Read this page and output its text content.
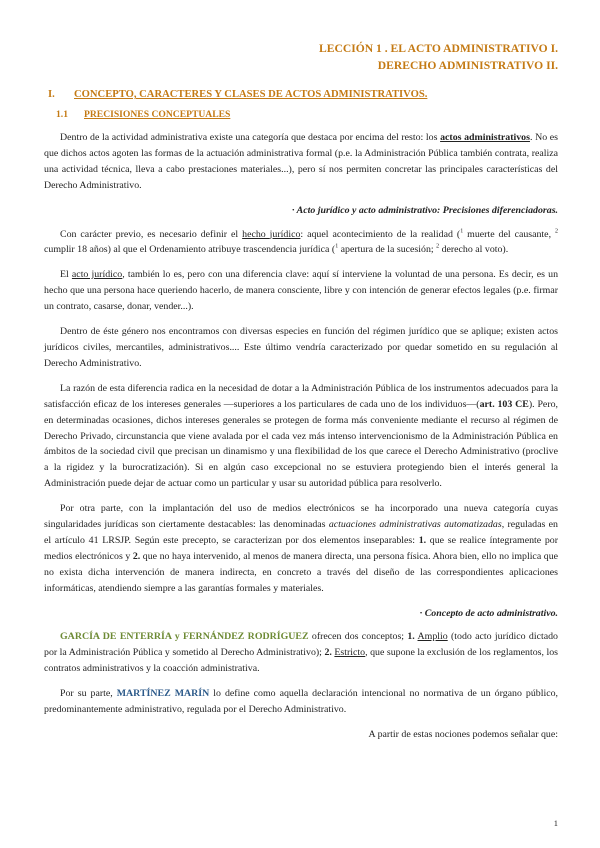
LECCIÓN 1 . EL ACTO ADMINISTRATIVO I.
DERECHO ADMINISTRATIVO II.
I. CONCEPTO, CARACTERES Y CLASES DE ACTOS ADMINISTRATIVOS.
1.1 PRECISIONES CONCEPTUALES

Dentro de la actividad administrativa existe una categoría que destaca por encima del resto: los actos administrativos. No es que dichos actos agoten las formas de la actuación administrativa formal (p.e. la Administración Pública también contrata, realiza una actividad técnica, lleva a cabo prestaciones materiales...), pero sí nos permiten concretar las principales características del Derecho Administrativo.

· Acto jurídico y acto administrativo: Precisiones diferenciadoras.

Con carácter previo, es necesario definir el hecho jurídico: aquel acontecimiento de la realidad ($^1$ muerte del causante, $^2$ cumplir 18 años) al que el Ordenamiento atribuye trascendencia jurídica ($^1$ apertura de la sucesión; $^2$ derecho al voto).

El acto jurídico, también lo es, pero con una diferencia clave: aquí sí interviene la voluntad de una persona. Es decir, es un hecho que una persona hace queriendo hacerlo, de manera consciente, libre y con intención de generar efectos legales (p.e. firmar un contrato, casarse, donar, vender...).

Dentro de éste género nos encontramos con diversas especies en función del régimen jurídico que se aplique; existen actos jurídicos civiles, mercantiles, administrativos.... Este último vendría caracterizado por quedar sometido en su regulación al Derecho Administrativo.

La razón de esta diferencia radica en la necesidad de dotar a la Administración Pública de los instrumentos adecuados para la satisfacción eficaz de los intereses generales —superiores a los particulares de cada uno de los individuos—(art. 103 CE). Pero, en determinadas ocasiones, dichos intereses generales se protegen de forma más conveniente mediante el recurso al régimen de Derecho Privado, circunstancia que viene avalada por el cada vez más intenso intervencionismo de la Administración Pública en ámbitos de la sociedad civil que precisan un dinamismo y una flexibilidad de los que carece el Derecho Administrativo (proclive a la rigidez y la burocratización). Si en algún caso excepcional no se estuviera protegiendo bien el interés general la Administración puede dejar de actuar como un particular y usar su autoridad pública para resolverlo.

Por otra parte, con la implantación del uso de medios electrónicos se ha incorporado una nueva categoría cuyas singularidades jurídicas son ciertamente destacables: las denominadas actuaciones administrativas automatizadas, reguladas en el artículo 41 LRSJP. Según este precepto, se caracterizan por dos elementos inseparables: 1. que se realice íntegramente por medios electrónicos y 2. que no haya intervenido, al menos de manera directa, una persona física. Ahora bien, ello no implica que no exista dicha intervención de manera indirecta, en concreto a través del diseño de las correspondientes aplicaciones informáticas, atendiendo siempre a las garantías formales y materiales.

· Concepto de acto administrativo.

GARCÍA DE ENTERRÍA y FERNÁNDEZ RODRÍGUEZ ofrecen dos conceptos; 1. Amplio (todo acto jurídico dictado por la Administración Pública y sometido al Derecho Administrativo); 2. Estricto, que supone la exclusión de los reglamentos, los contratos administrativos y la coacción administrativa.

Por su parte, MARTÍNEZ MARÍN lo define como aquella declaración intencional no normativa de un órgano público, predominantemente administrativo, regulada por el Derecho Administrativo.

􀃆 A partir de estas nociones podemos señalar que:

1
